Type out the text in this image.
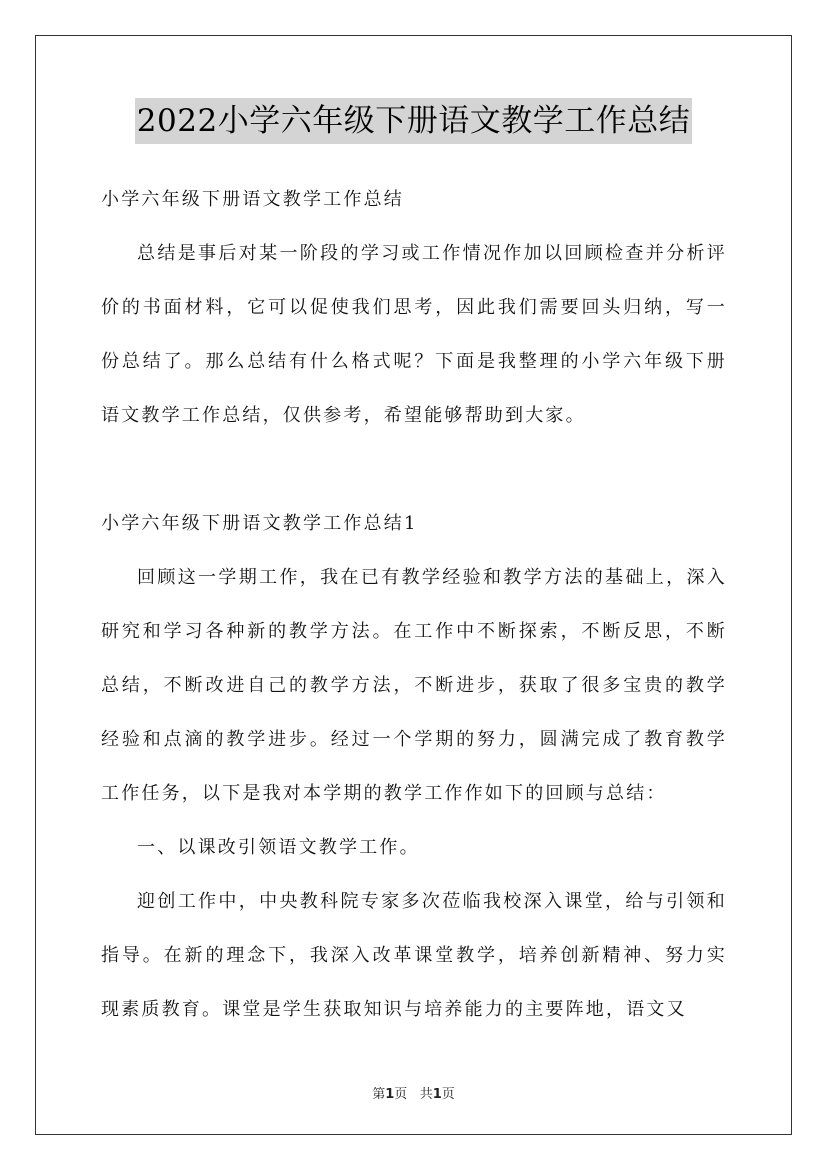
2022小学六年级下册语文教学工作总结

小学六年级下册语文教学工作总结

总结是事后对某一阶段的学习或工作情况作加以回顾检查并分析评价的书面材料，它可以促使我们思考，因此我们需要回头归纳，写一份总结了。那么总结有什么格式呢？下面是我整理的小学六年级下册语文教学工作总结，仅供参考，希望能够帮助到大家。

小学六年级下册语文教学工作总结1

回顾这一学期工作，我在已有教学经验和教学方法的基础上，深入研究和学习各种新的教学方法。在工作中不断探索，不断反思，不断总结，不断改进自己的教学方法，不断进步，获取了很多宝贵的教学经验和点滴的教学进步。经过一个学期的努力，圆满完成了教育教学工作任务，以下是我对本学期的教学工作作如下的回顾与总结：

一、以课改引领语文教学工作。

迎创工作中，中央教科院专家多次莅临我校深入课堂，给与引领和指导。在新的理念下，我深入改革课堂教学，培养创新精神、努力实现素质教育。课堂是学生获取知识与培养能力的主要阵地，语文又

第1页 共1页
